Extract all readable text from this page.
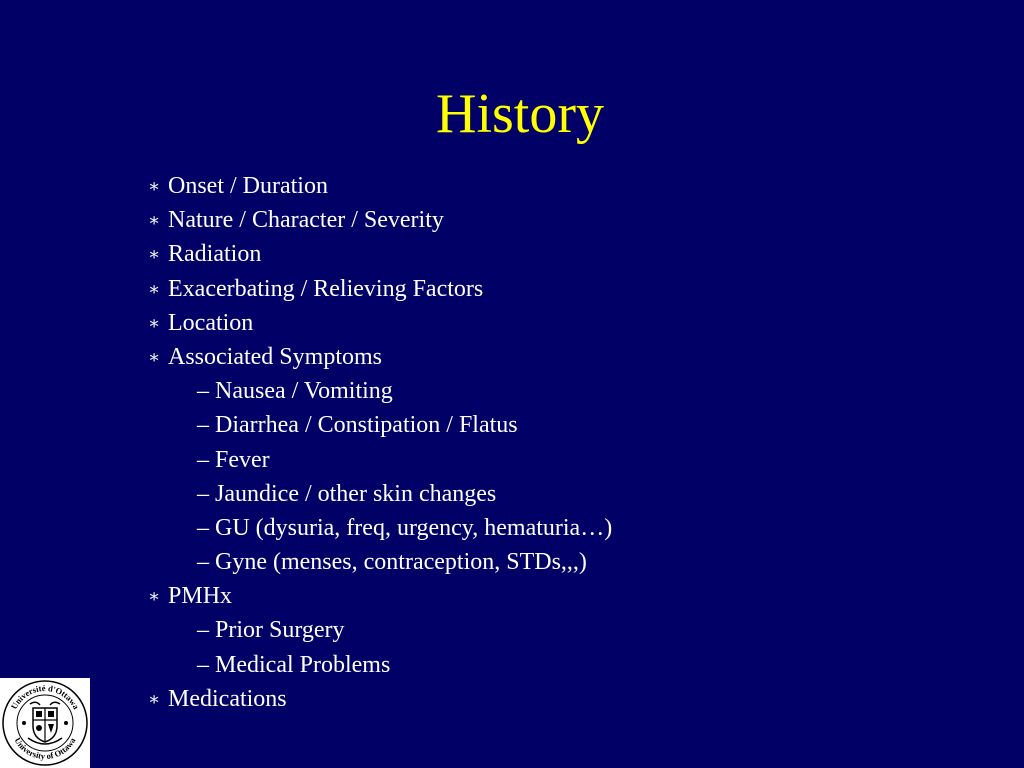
History
∗ Onset / Duration
∗ Nature / Character / Severity
∗ Radiation
∗ Exacerbating / Relieving Factors
∗ Location
∗ Associated Symptoms
– Nausea / Vomiting
– Diarrhea / Constipation / Flatus
– Fever
– Jaundice / other skin changes
– GU (dysuria, freq, urgency, hematuria…)
– Gyne (menses, contraception, STDs,,,)
∗ PMHx
– Prior Surgery
– Medical Problems
∗ Medications
Université d'Ottawa
University of Ottawa
